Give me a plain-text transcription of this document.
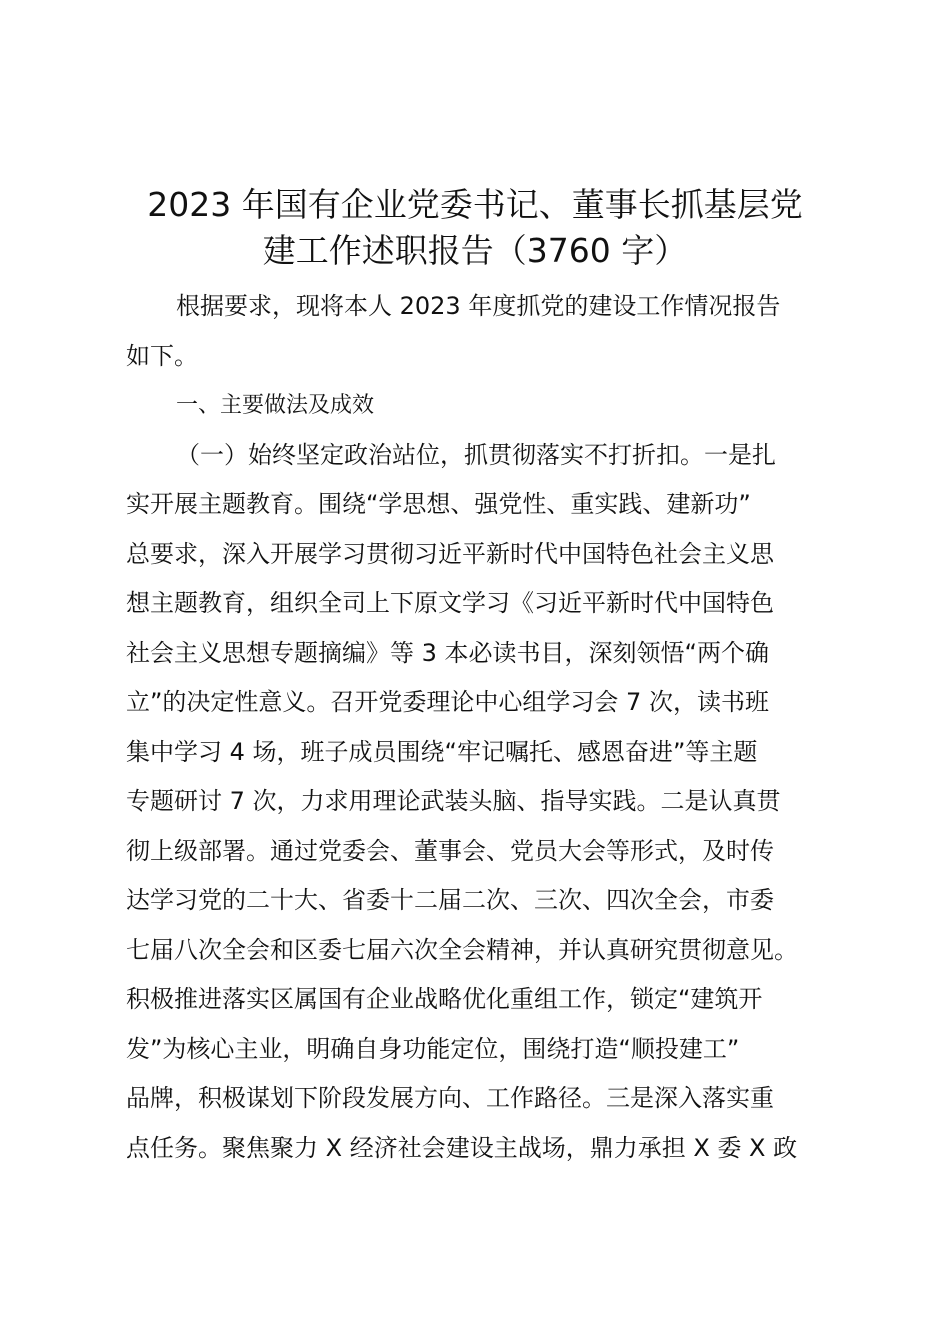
2023 年国有企业党委书记、董事长抓基层党
建工作述职报告（3760 字）
根据要求，现将本人 2023 年度抓党的建设工作情况报告
如下。
一、主要做法及成效
（一）始终坚定政治站位，抓贯彻落实不打折扣。一是扎
实开展主题教育。围绕“学思想、强党性、重实践、建新功”
总要求，深入开展学习贯彻习近平新时代中国特色社会主义思
想主题教育，组织全司上下原文学习《习近平新时代中国特色
社会主义思想专题摘编》等 3 本必读书目，深刻领悟“两个确
立”的决定性意义。召开党委理论中心组学习会 7 次，读书班
集中学习 4 场，班子成员围绕“牢记嘱托、感恩奋进”等主题
专题研讨 7 次，力求用理论武装头脑、指导实践。二是认真贯
彻上级部署。通过党委会、董事会、党员大会等形式，及时传
达学习党的二十大、省委十二届二次、三次、四次全会，市委
七届八次全会和区委七届六次全会精神，并认真研究贯彻意见。
积极推进落实区属国有企业战略优化重组工作，锁定“建筑开
发”为核心主业，明确自身功能定位，围绕打造“顺投建工”
品牌，积极谋划下阶段发展方向、工作路径。三是深入落实重
点任务。聚焦聚力 X 经济社会建设主战场，鼎力承担 X 委 X 政
